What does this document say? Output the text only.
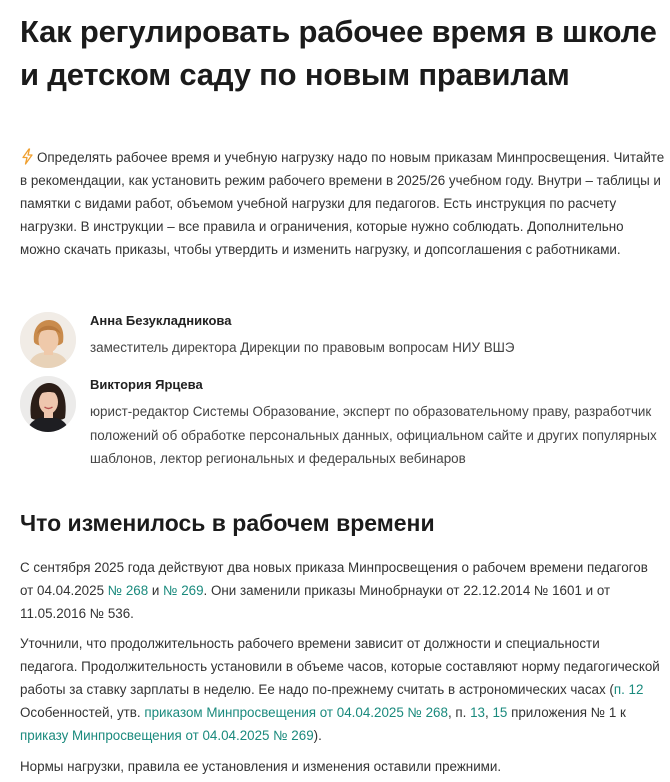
Как регулировать рабочее время в школе и детском саду по новым правилам

Определять рабочее время и учебную нагрузку надо по новым приказам Минпросвещения. Читайте в рекомендации, как установить режим рабочего времени в 2025/26 учебном году. Внутри – таблицы и памятки с видами работ, объемом учебной нагрузки для педагогов. Есть инструкция по расчету нагрузки. В инструкции – все правила и ограничения, которые нужно соблюдать. Дополнительно можно скачать приказы, чтобы утвердить и изменить нагрузку, и допсоглашения с работниками.

Анна Безукладникова
заместитель директора Дирекции по правовым вопросам НИУ ВШЭ
Виктория Ярцева
юрист-редактор Системы Образование, эксперт по образовательному праву, разработчик положений об обработке персональных данных, официальном сайте и других популярных шаблонов, лектор региональных и федеральных вебинаров
Что изменилось в рабочем времени

С сентября 2025 года действуют два новых приказа Минпросвещения о рабочем времени педагогов от 04.04.2025 № 268 и № 269. Они заменили приказы Минобрнауки от 22.12.2014 № 1601 и от 11.05.2016 № 536.

Уточнили, что продолжительность рабочего времени зависит от должности и специальности педагога. Продолжительность установили в объеме часов, которые составляют норму педагогической работы за ставку зарплаты в неделю. Ее надо по-прежнему считать в астрономических часах (п. 12 Особенностей, утв. приказом Минпросвещения от 04.04.2025 № 268, п. 13, 15 приложения № 1 к приказу Минпросвещения от 04.04.2025 № 269).

Нормы нагрузки, правила ее установления и изменения оставили прежними.
